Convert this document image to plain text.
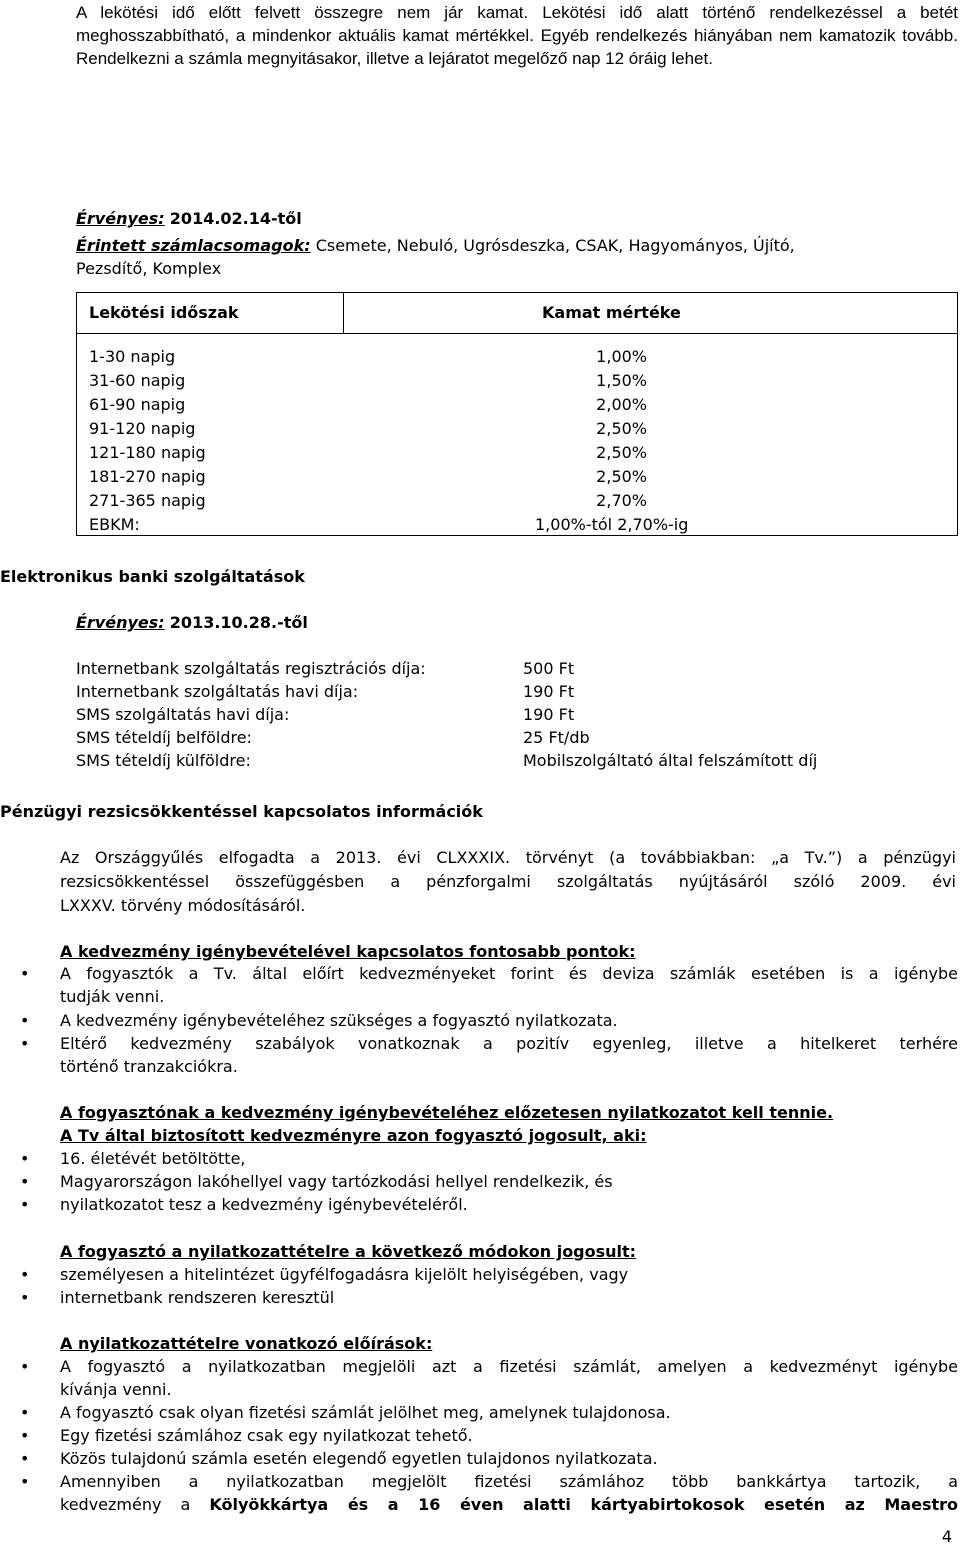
A lekötési idő előtt felvett összegre nem jár kamat. Lekötési idő alatt történő rendelkezéssel a betét meghosszabbítható, a mindenkor aktuális kamat mértékkel. Egyéb rendelkezés hiányában nem kamatozik tovább. Rendelkezni a számla megnyitásakor, illetve a lejáratot megelőző nap 12 óráig lehet.
Érvényes: 2014.02.14-től
Érintett számlacsomagok: Csemete, Nebuló, Ugrósdeszka, CSAK, Hagyományos, Újító,
Pezsdítő, Komplex
Lekötési időszak	Kamat mértéke
1-30 napig	1,00%
31-60 napig	1,50%
61-90 napig	2,00%
91-120 napig	2,50%
121-180 napig	2,50%
181-270 napig	2,50%
271-365 napig	2,70%
EBKM:	1,00%-tól 2,70%-ig
Elektronikus banki szolgáltatások
Érvényes: 2013.10.28.-től
Internetbank szolgáltatás regisztrációs díja:	500 Ft
Internetbank szolgáltatás havi díja:	190 Ft
SMS szolgáltatás havi díja:	190 Ft
SMS tételdíj belföldre:	25 Ft/db
SMS tételdíj külföldre:	Mobilszolgáltató által felszámított díj
Pénzügyi rezsicsökkentéssel kapcsolatos információk
Az Országgyűlés elfogadta a 2013. évi CLXXXIX. törvényt (a továbbiakban: „a Tv.”) a pénzügyi
rezsicsökkentéssel összefüggésben a pénzforgalmi szolgáltatás nyújtásáról szóló 2009. évi
LXXXV. törvény módosításáról.
A kedvezmény igénybevételével kapcsolatos fontosabb pontok:
•	A fogyasztók a Tv. által előírt kedvezményeket forint és deviza számlák esetében is a igénybe
tudják venni.
•	A kedvezmény igénybevételéhez szükséges a fogyasztó nyilatkozata.
•	Eltérő kedvezmény szabályok vonatkoznak a pozitív egyenleg, illetve a hitelkeret terhére
történő tranzakciókra.
A fogyasztónak a kedvezmény igénybevételéhez előzetesen nyilatkozatot kell tennie.
A Tv által biztosított kedvezményre azon fogyasztó jogosult, aki:
•	16. életévét betöltötte,
•	Magyarországon lakóhellyel vagy tartózkodási hellyel rendelkezik, és
•	nyilatkozatot tesz a kedvezmény igénybevételéről.
A fogyasztó a nyilatkozattételre a következő módokon jogosult:
•	személyesen a hitelintézet ügyfélfogadásra kijelölt helyiségében, vagy
•	internetbank rendszeren keresztül
A nyilatkozattételre vonatkozó előírások:
•	A fogyasztó a nyilatkozatban megjelöli azt a fizetési számlát, amelyen a kedvezményt igénybe
kívánja venni.
•	A fogyasztó csak olyan fizetési számlát jelölhet meg, amelynek tulajdonosa.
•	Egy fizetési számlához csak egy nyilatkozat tehető.
•	Közös tulajdonú számla esetén elegendő egyetlen tulajdonos nyilatkozata.
•	Amennyiben a nyilatkozatban megjelölt fizetési számlához több bankkártya tartozik, a
kedvezmény a Kölyökkártya és a 16 éven alatti kártyabirtokosok esetén az Maestro
4
